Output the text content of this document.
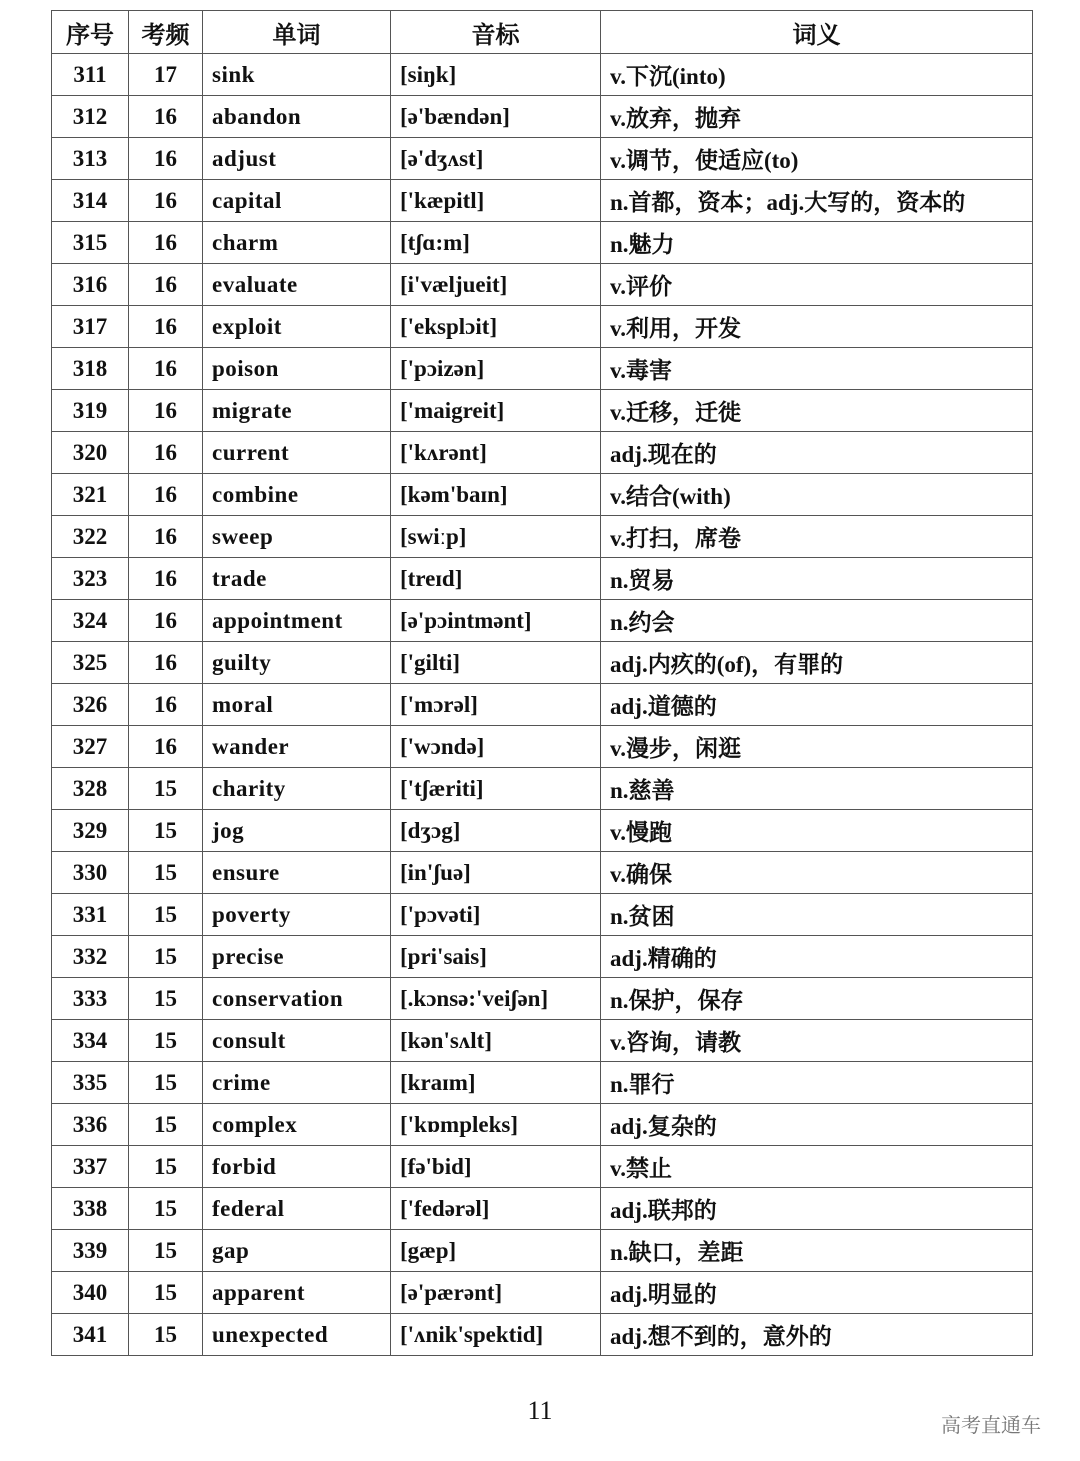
序号	考频	单词	音标	词义
311	17	sink	[siŋk]	v.下沉(into)
312	16	abandon	[ə'bændən]	v.放弃，抛弃
313	16	adjust	[ə'dʒʌst]	v.调节，使适应(to)
314	16	capital	['kæpitl]	n.首都，资本；adj.大写的，资本的
315	16	charm	[tʃɑ:m]	n.魅力
316	16	evaluate	[i'væljueit]	v.评价
317	16	exploit	['eksplɔit]	v.利用，开发
318	16	poison	['pɔizən]	v.毒害
319	16	migrate	['maigreit]	v.迁移，迁徙
320	16	current	['kʌrənt]	adj.现在的
321	16	combine	[kəm'baɪn]	v.结合(with)
322	16	sweep	[swiːp]	v.打扫，席卷
323	16	trade	[treɪd]	n.贸易
324	16	appointment	[ə'pɔintmənt]	n.约会
325	16	guilty	['gilti]	adj.内疚的(of)，有罪的
326	16	moral	['mɔrəl]	adj.道德的
327	16	wander	['wɔndə]	v.漫步，闲逛
328	15	charity	['tʃæriti]	n.慈善
329	15	jog	[dʒɔg]	v.慢跑
330	15	ensure	[in'ʃuə]	v.确保
331	15	poverty	['pɔvəti]	n.贫困
332	15	precise	[pri'sais]	adj.精确的
333	15	conservation	[.kɔnsə:'veiʃən]	n.保护，保存
334	15	consult	[kən'sʌlt]	v.咨询，请教
335	15	crime	[kraɪm]	n.罪行
336	15	complex	['kɒmpleks]	adj.复杂的
337	15	forbid	[fə'bid]	v.禁止
338	15	federal	['fedərəl]	adj.联邦的
339	15	gap	[gæp]	n.缺口，差距
340	15	apparent	[ə'pærənt]	adj.明显的
341	15	unexpected	['ʌnik'spektid]	adj.想不到的，意外的
11	高考直通车
